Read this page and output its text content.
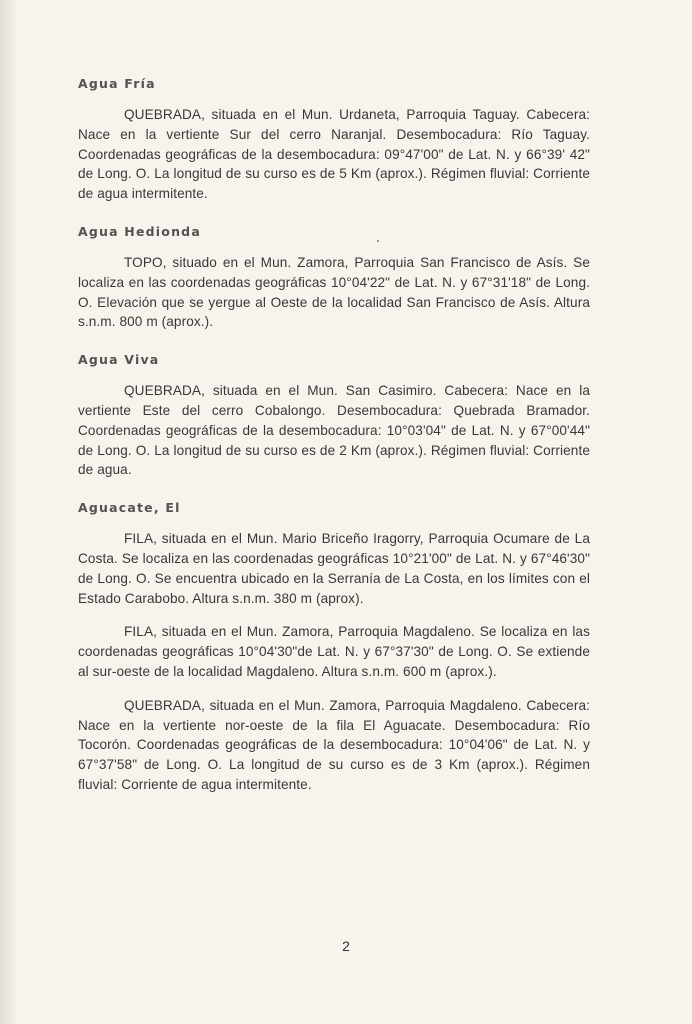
Agua Fría

QUEBRADA, situada en el Mun. Urdaneta, Parroquia Taguay. Cabecera: Nace en la vertiente Sur del cerro Naranjal. Desembocadura: Río Taguay. Coordenadas geográficas de la desembocadura: 09°47'00" de Lat. N. y 66°39' 42" de Long. O. La longitud de su curso es de 5 Km (aprox.). Régimen fluvial: Corriente de agua intermitente.

Agua Hedionda

TOPO, situado en el Mun. Zamora, Parroquia San Francisco de Asís. Se localiza en las coordenadas geográficas 10°04'22" de Lat. N. y 67°31'18" de Long. O. Elevación que se yergue al Oeste de la localidad San Francisco de Asís. Altura s.n.m. 800 m (aprox.).

Agua Viva

QUEBRADA, situada en el Mun. San Casimiro. Cabecera: Nace en la vertiente Este del cerro Cobalongo. Desembocadura: Quebrada Bramador. Coordenadas geográficas de la desembocadura: 10°03'04" de Lat. N. y 67°00'44" de Long. O. La longitud de su curso es de 2 Km (aprox.). Régimen fluvial: Corriente de agua.

Aguacate, El

FILA, situada en el Mun. Mario Briceño Iragorry, Parroquia Ocumare de La Costa. Se localiza en las coordenadas geográficas 10°21'00" de Lat. N. y 67°46'30" de Long. O. Se encuentra ubicado en la Serranía de La Costa, en los límites con el Estado Carabobo. Altura s.n.m. 380 m (aprox).

FILA, situada en el Mun. Zamora, Parroquia Magdaleno. Se localiza en las coordenadas geográficas 10°04'30"de Lat. N. y 67°37'30" de Long. O. Se extiende al sur-oeste de la localidad Magdaleno. Altura s.n.m. 600 m (aprox.).

QUEBRADA, situada en el Mun. Zamora, Parroquia Magdaleno. Cabecera: Nace en la vertiente nor-oeste de la fila El Aguacate. Desembocadura: Río Tocorón. Coordenadas geográficas de la desembocadura: 10°04'06" de Lat. N. y 67°37'58" de Long. O. La longitud de su curso es de 3 Km (aprox.). Régimen fluvial: Corriente de agua intermitente.

2
